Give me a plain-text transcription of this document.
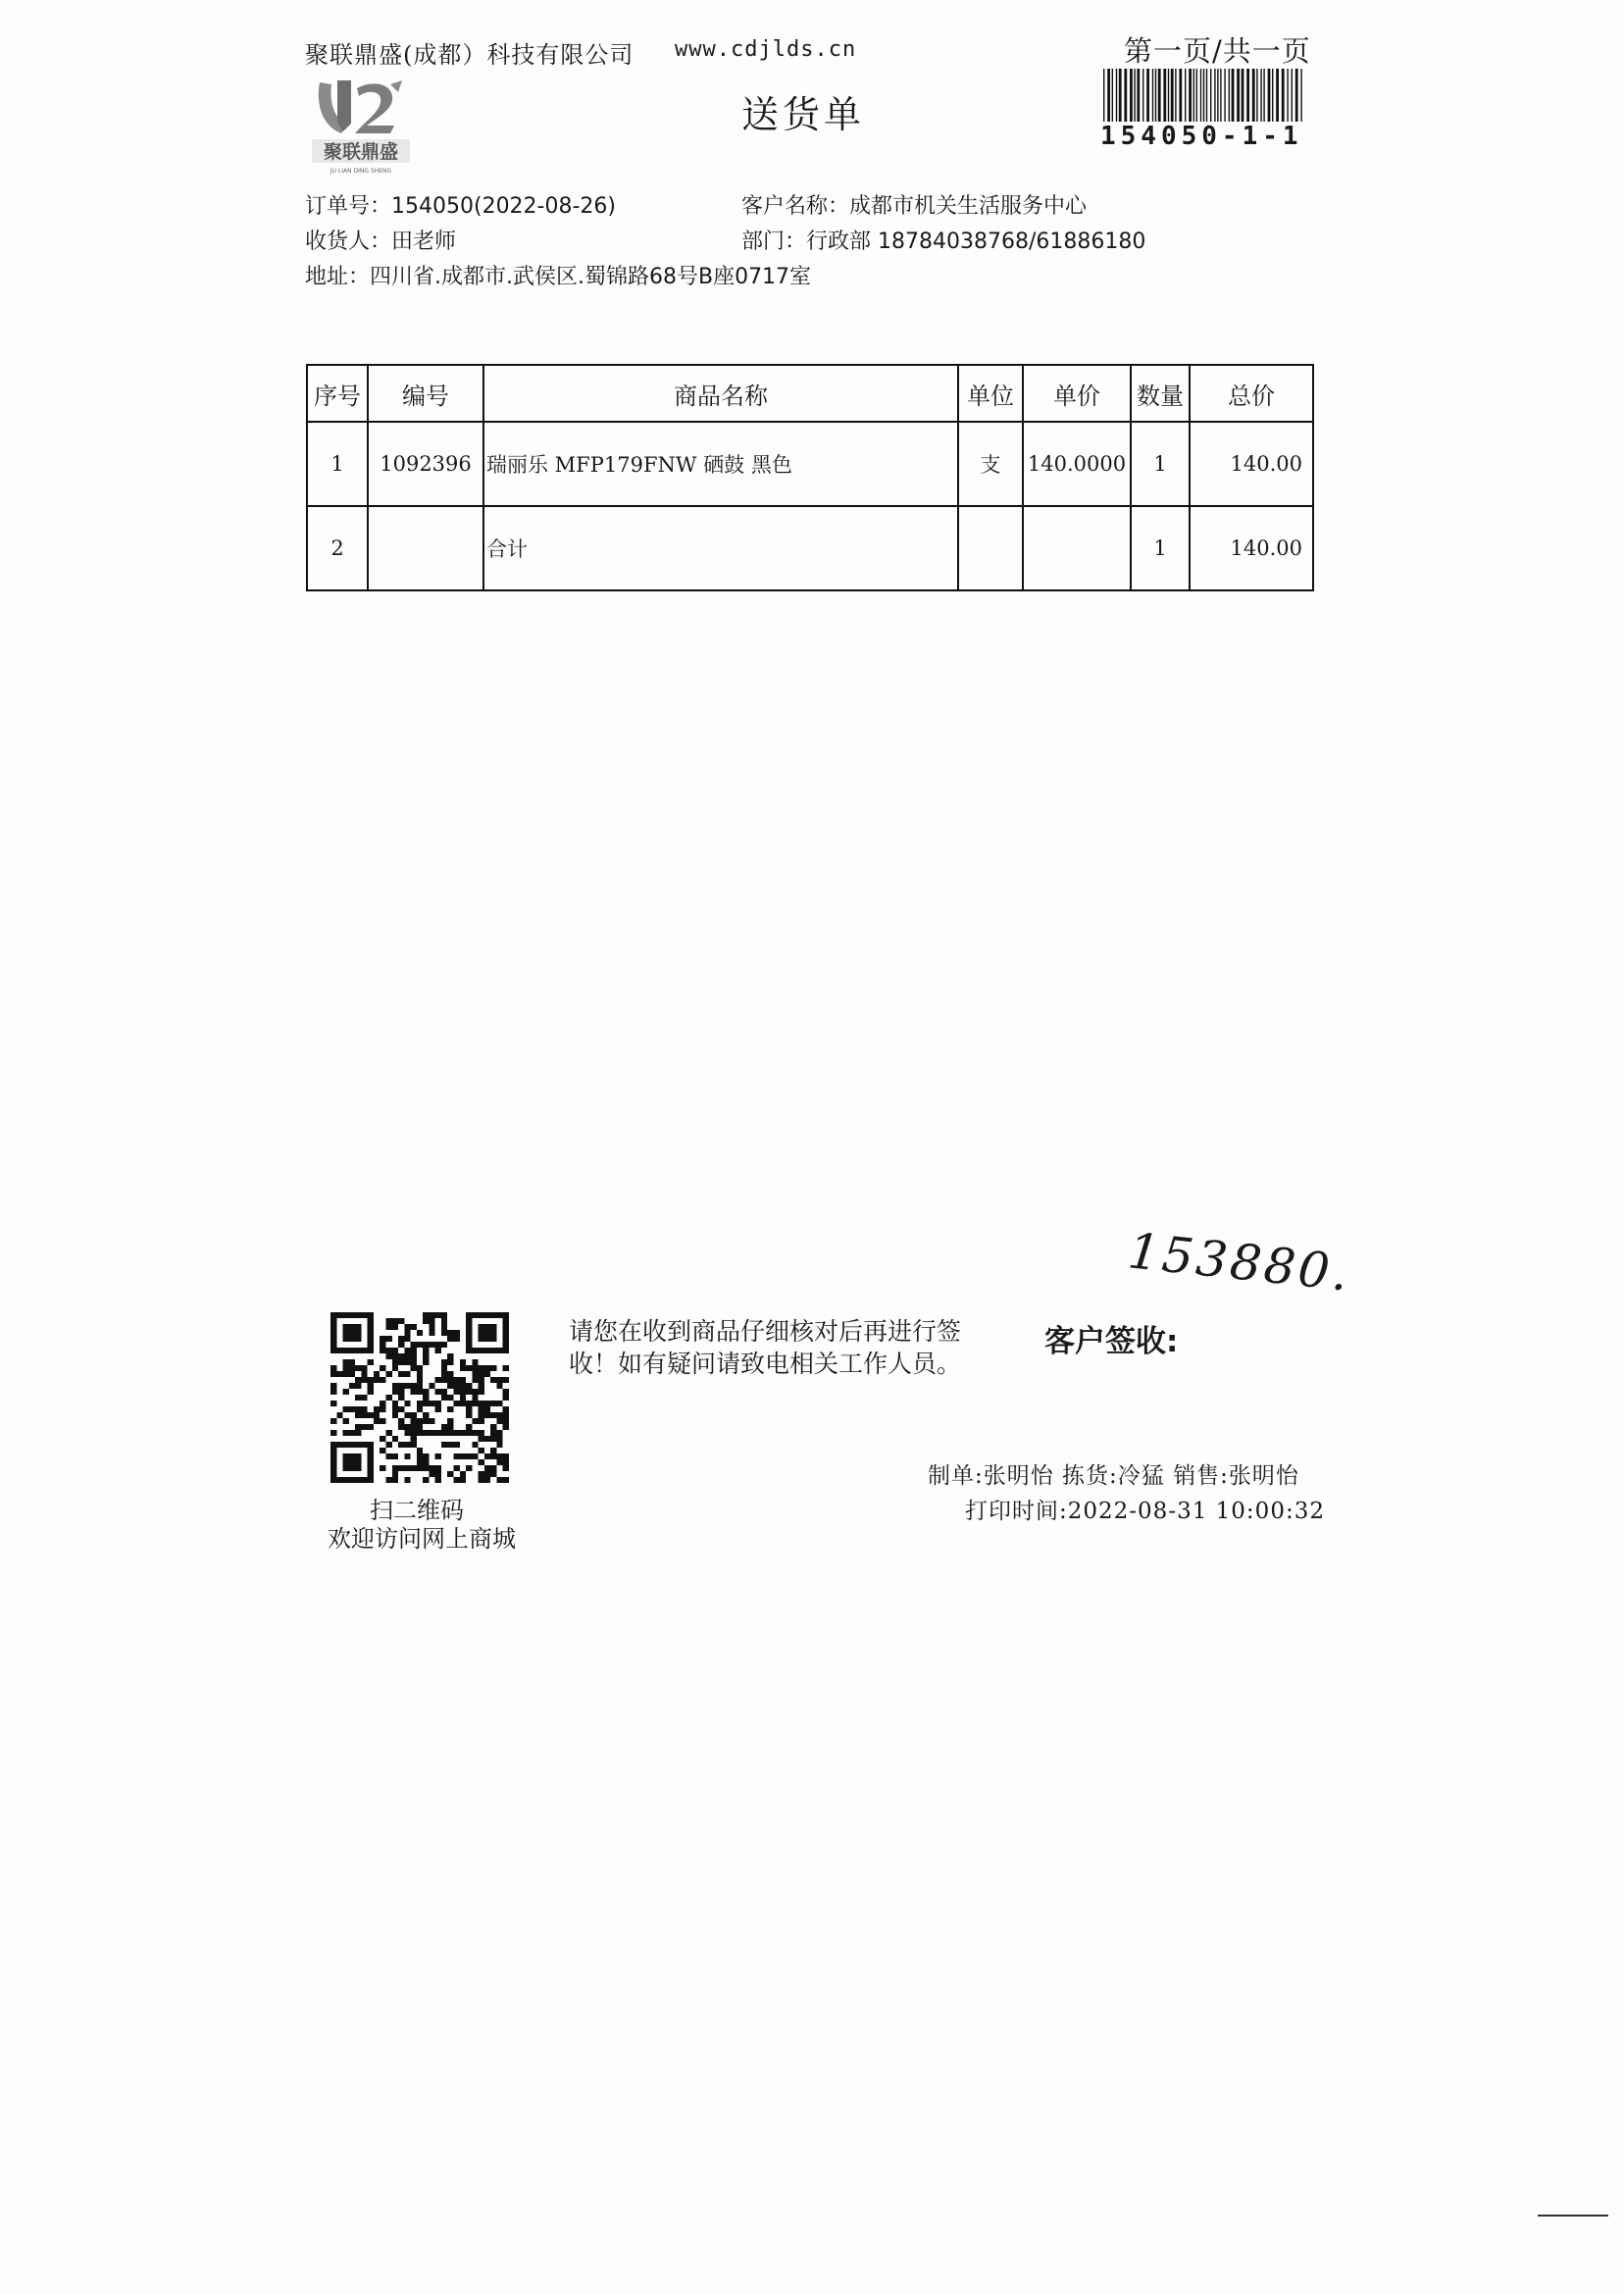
聚联鼎盛(成都）科技有限公司 www.cdjlds.cn	第一页/共一页
154050-1-1
聚联鼎盛
JU LIAN DING SHENG
送货单
订单号：154050(2022-08-26)
收货人：田老师
地址：四川省.成都市.武侯区.蜀锦路68号B座0717室
客户名称：成都市机关生活服务中心
部门：行政部 18784038768/61886180
序号	编号	商品名称	单位	单价	数量	总价
1	1092396	瑞丽乐 MFP179FNW 硒鼓 黑色	支	140.0000	1	140.00
2		合计			1	140.00
153880.
扫二维码
欢迎访问网上商城
请您在收到商品仔细核对后再进行签收！如有疑问请致电相关工作人员。
客户签收:
制单:张明怡 拣货:冷猛 销售:张明怡
打印时间:2022-08-31 10:00:32
